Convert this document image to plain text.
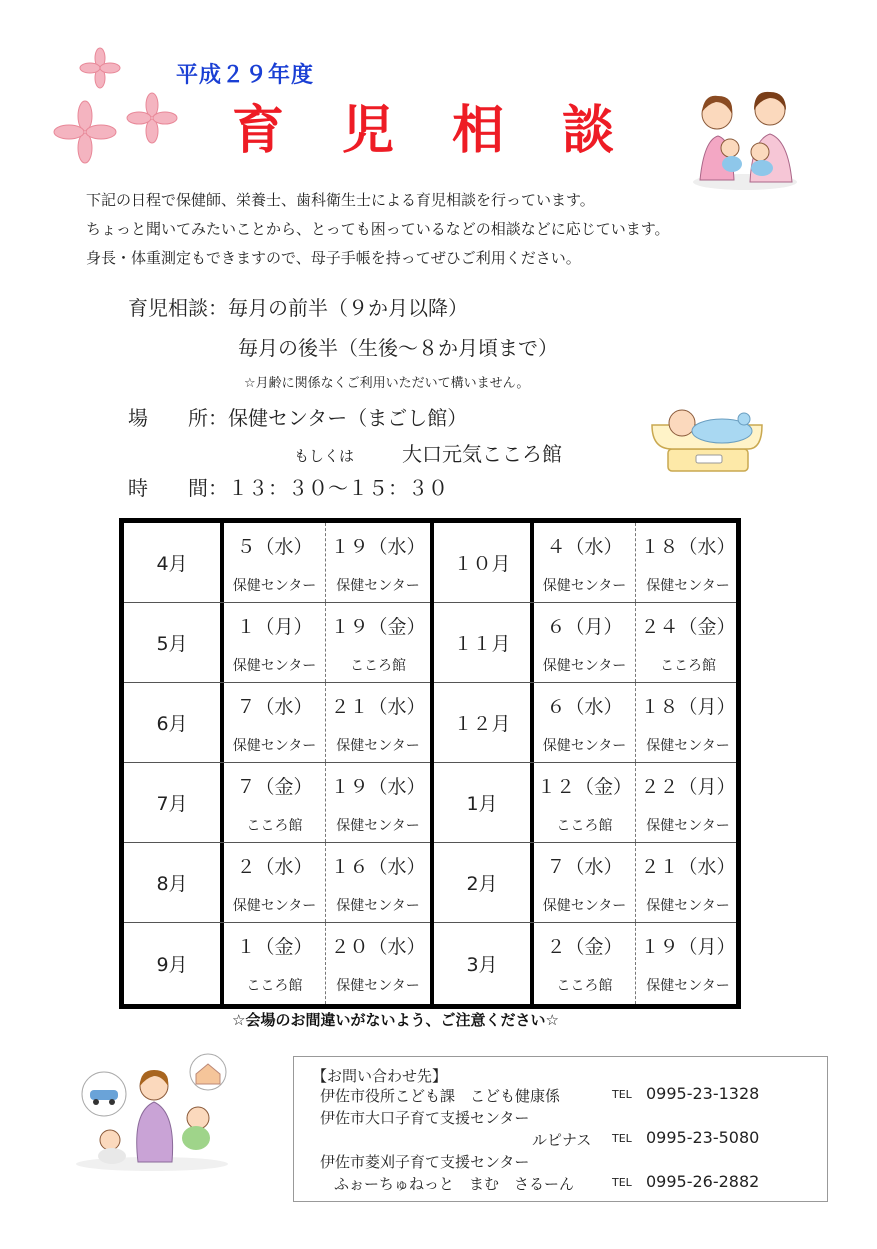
平成２９年度
育児相談

下記の日程で保健師、栄養士、歯科衛生士による育児相談を行っています。

ちょっと聞いてみたいことから、とっても困っているなどの相談などに応じています。

身長・体重測定もできますので、母子手帳を持ってぜひご利用ください。

育児相談：毎月の前半（９か月以降）
毎月の後半（生後～８か月頃まで）
☆月齢に関係なくご利用いただいて構いません。
場　　所：保健センター（まごし館）
もしくは 大口元気こころ館
時　　間：１３：３０～１５：３０
4月
５（水）
保健センター
１９（水）
保健センター
5月
１（月）
保健センター
１９（金）
こころ館
6月
７（水）
保健センター
２１（水）
保健センター
7月
７（金）
こころ館
１９（水）
保健センター
8月
２（水）
保健センター
１６（水）
保健センター
9月
１（金）
こころ館
２０（水）
保健センター
１０月
４（水）
保健センター
１８（水）
保健センター
１１月
６（月）
保健センター
２４（金）
こころ館
１２月
６（水）
保健センター
１８（月）
保健センター
1月
１２（金）
こころ館
２２（月）
保健センター
2月
７（水）
保健センター
２１（水）
保健センター
3月
２（金）
こころ館
１９（月）
保健センター
☆会場のお間違いがないよう、ご注意ください☆
【お問い合わせ先】
伊佐市役所こども課　こども健康係	TEL 0995-23-1328
伊佐市大口子育て支援センター
ルピナス TEL 0995-23-5080
伊佐市菱刈子育て支援センター
ふぉーちゅねっと　まむ　さるーん	TEL 0995-26-2882
